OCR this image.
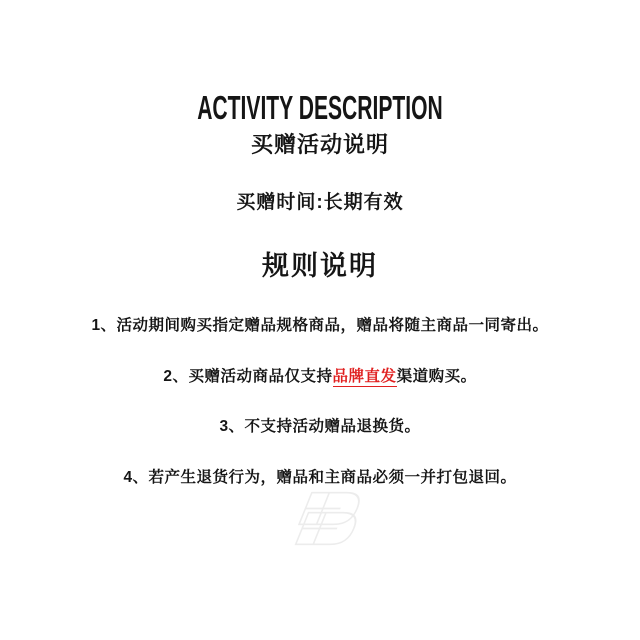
ACTIVITY DESCRIPTION
买赠活动说明
买赠时间:长期有效
规则说明
1、活动期间购买指定赠品规格商品，赠品将随主商品一同寄出。
2、买赠活动商品仅支持品牌直发渠道购买。
3、不支持活动赠品退换货。
4、若产生退货行为，赠品和主商品必须一并打包退回。
